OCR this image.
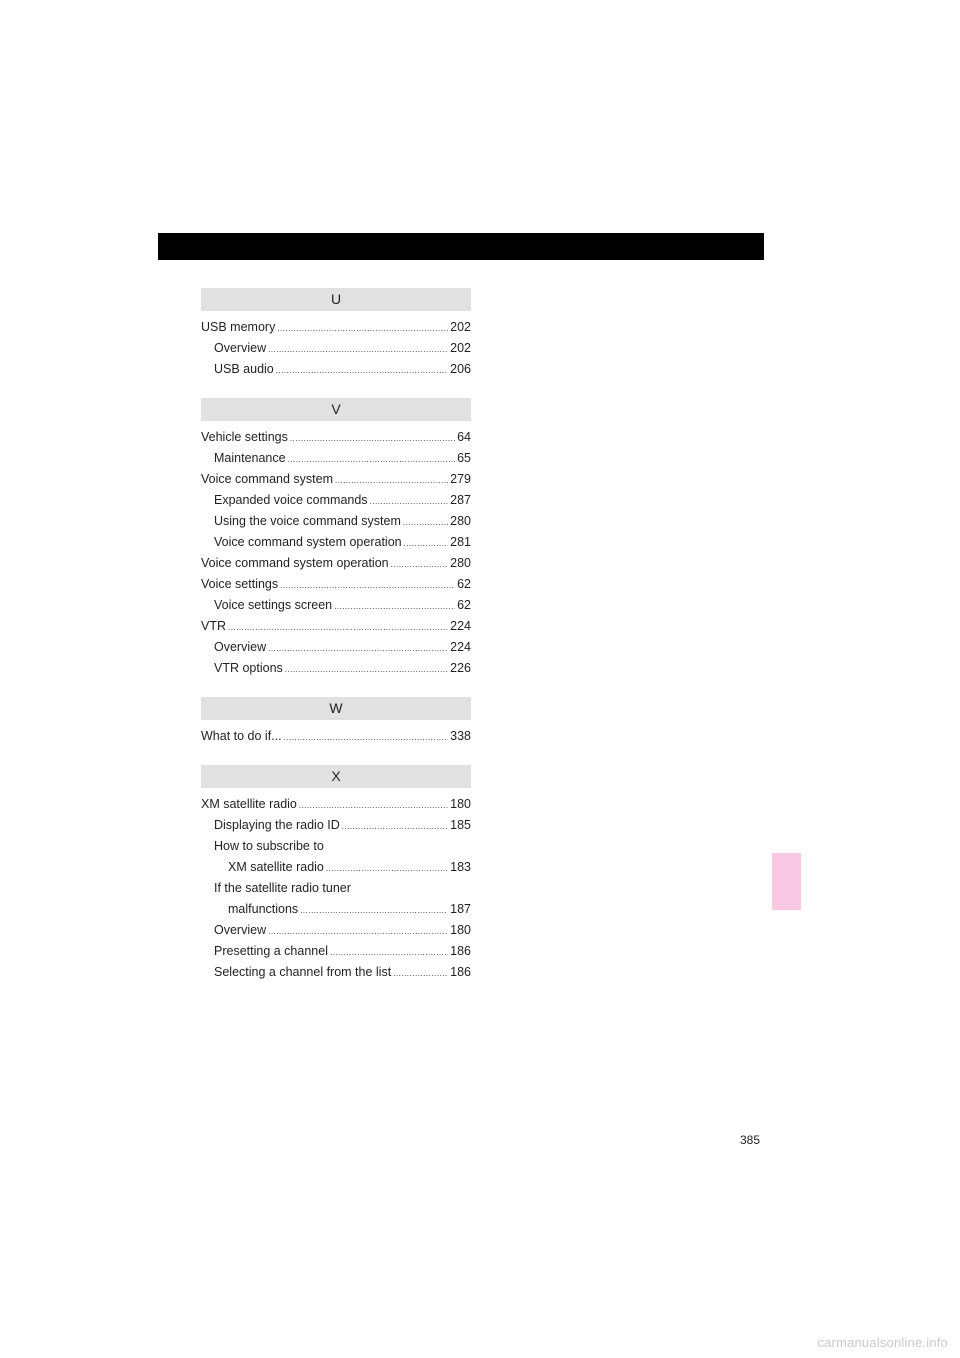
U
USB memory .....	202
Overview .....	202
USB audio .....	206
V
Vehicle settings .....	64
Maintenance .....	65
Voice command system .....	279
Expanded voice commands .....	287
Using the voice command system .....	280
Voice command system operation .....	281
Voice command system operation .....	280
Voice settings .....	62
Voice settings screen .....	62
VTR .....	224
Overview .....	224
VTR options .....	226
W
What to do if... .....	338
X
XM satellite radio .....	180
Displaying the radio ID .....	185
How to subscribe to
XM satellite radio .....	183
If the satellite radio tuner
malfunctions .....	187
Overview .....	180
Presetting a channel .....	186
Selecting a channel from the list .....	186
385
carmanualsonline.info
